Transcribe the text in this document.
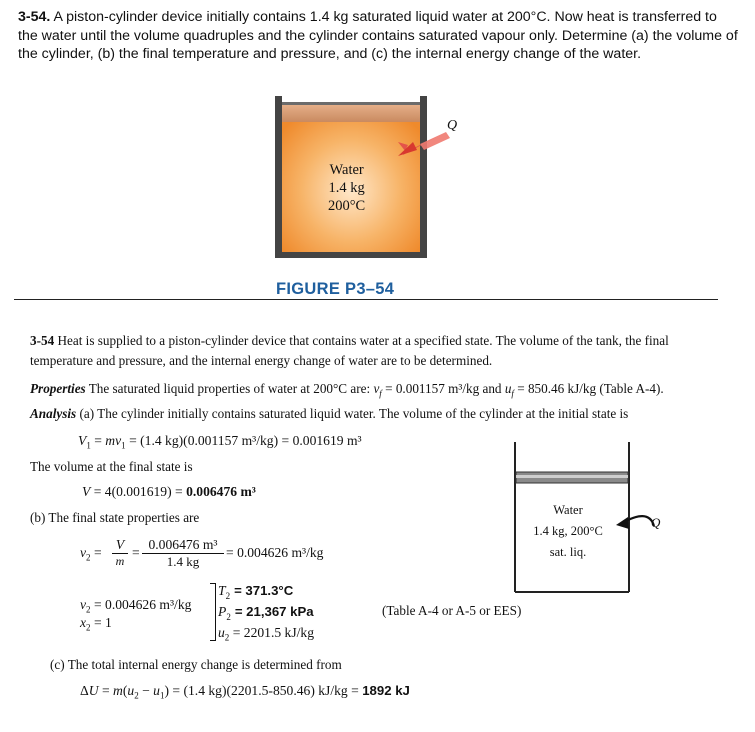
3-54. A piston-cylinder device initially contains 1.4 kg saturated liquid water at 200°C. Now heat is transferred to the water until the volume quadruples and the cylinder contains saturated vapour only. Determine (a) the volume of the cylinder, (b) the final temperature and pressure, and (c) the internal energy change of the water.
Q
Water
1.4 kg
200°C
FIGURE P3–54
3-54 Heat is supplied to a piston-cylinder device that contains water at a specified state. The volume of the tank, the final
temperature and pressure, and the internal energy change of water are to be determined.
Properties The saturated liquid properties of water at 200°C are: $v_f = 0.001157$ m³/kg and $u_f = 850.46$ kJ/kg (Table A-4).
Analysis (a) The cylinder initially contains saturated liquid water. The volume of the cylinder at the initial state is
$V_1 = mv_1 = (1.4$ kg)(0.001157 m³/kg) = 0.001619 m³
The volume at the final state is
V = 4(0.001619) = 0.006476 m³
(b) The final state properties are
$v_2 = \frac{V}{m} = \frac{\text{0.006476 m³}}{1.4 kg} = 0.004626$ m³/kg
$v_2 = 0.004626$ m³/kg
$x_2 = 1$
$T_2 = 371.3^\circ C$
$P_2 = 21,367$ kPa
$u_2 = 2201.5$ kJ/kg
(Table A-4 or A-5 or EES)
(c) The total internal energy change is determined from
$\Delta U = m(u_2 - u_1) = (1.4$ kg)(2201.5-850.46) kJ/kg = 1892 kJ
Water
1.4 kg, 200°C
sat. liq.
Q
